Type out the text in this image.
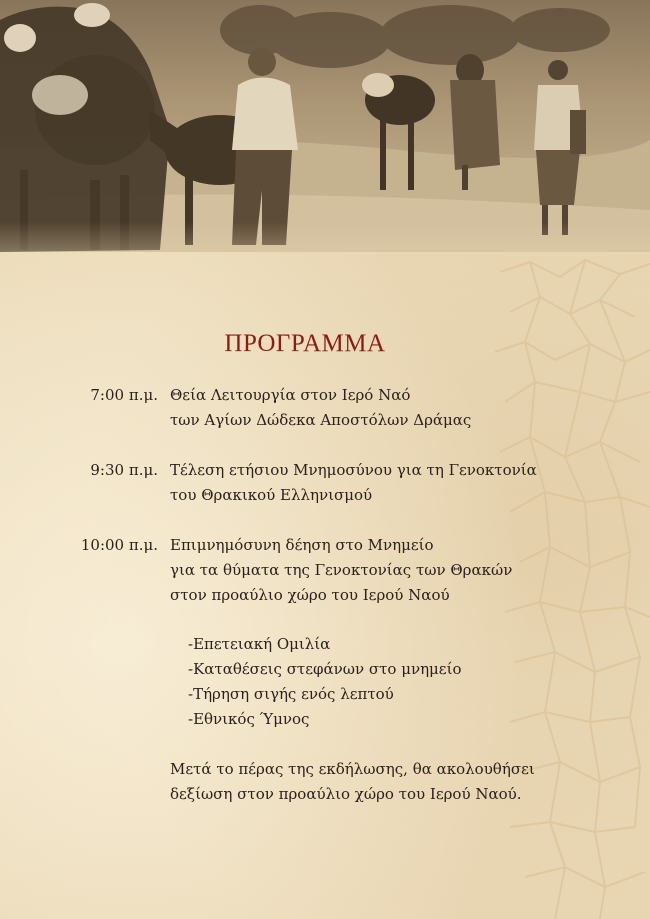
ΠΡΟΓΡΑΜΜΑ
7:00 π.μ. Θεία Λειτουργία στον Ιερό Ναό
των Αγίων Δώδεκα Αποστόλων Δράμας
9:30 π.μ. Τέλεση ετήσιου Μνημοσύνου για τη Γενοκτονία
του Θρακικού Ελληνισμού
10:00 π.μ. Επιμνημόσυνη δέηση στο Μνημείο
για τα θύματα της Γενοκτονίας των Θρακών
στον προαύλιο χώρο του Ιερού Ναού
-Επετειακή Ομιλία
-Καταθέσεις στεφάνων στο μνημείο
-Τήρηση σιγής ενός λεπτού
-Εθνικός Ύμνος
Μετά το πέρας της εκδήλωσης, θα ακολουθήσει
δεξίωση στον προαύλιο χώρο του Ιερού Ναού.
